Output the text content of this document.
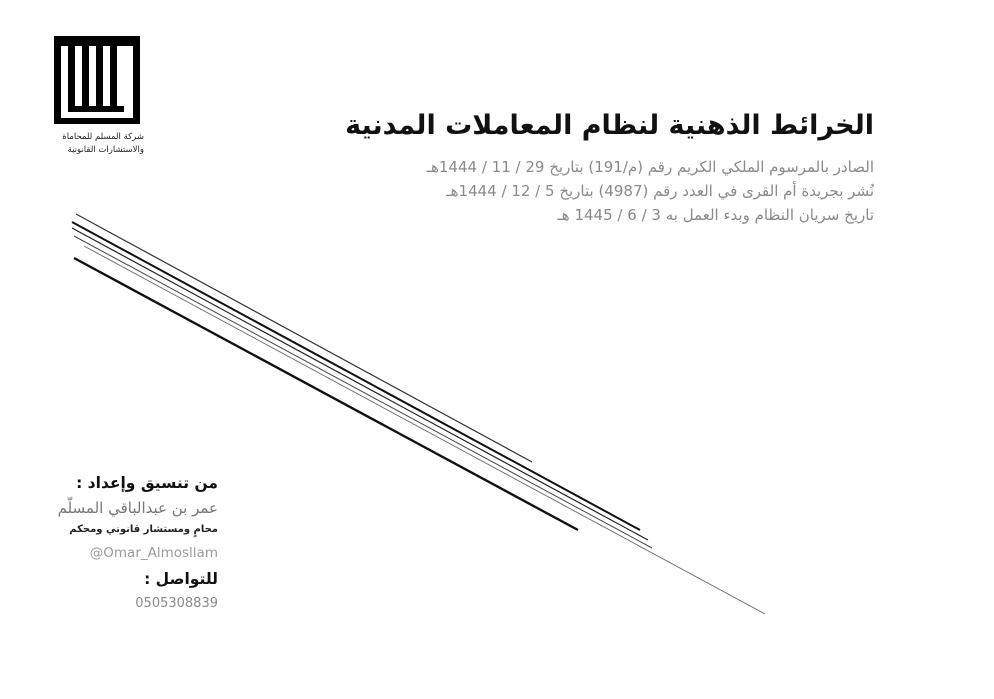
شركة المسلم للمحاماة
والاستشارات القانونية
الخرائط الذهنية لنظام المعاملات المدنية
الصادر بالمرسوم الملكي الكريم رقم (م/191) بتاريخ 29 / 11 / 1444هـ
نُشر بجريدة أم القرى في العدد رقم (4987) بتاريخ 5 / 12 / 1444هـ
تاريخ سريان النظام وبدء العمل به 3 / 6 / 1445 هـ
من تنسيق وإعداد :
عمر بن عبدالباقي المسلّم
محامٍ ومستشار قانوني ومحكم
@Omar_Almosllam
للتواصل :
0505308839
